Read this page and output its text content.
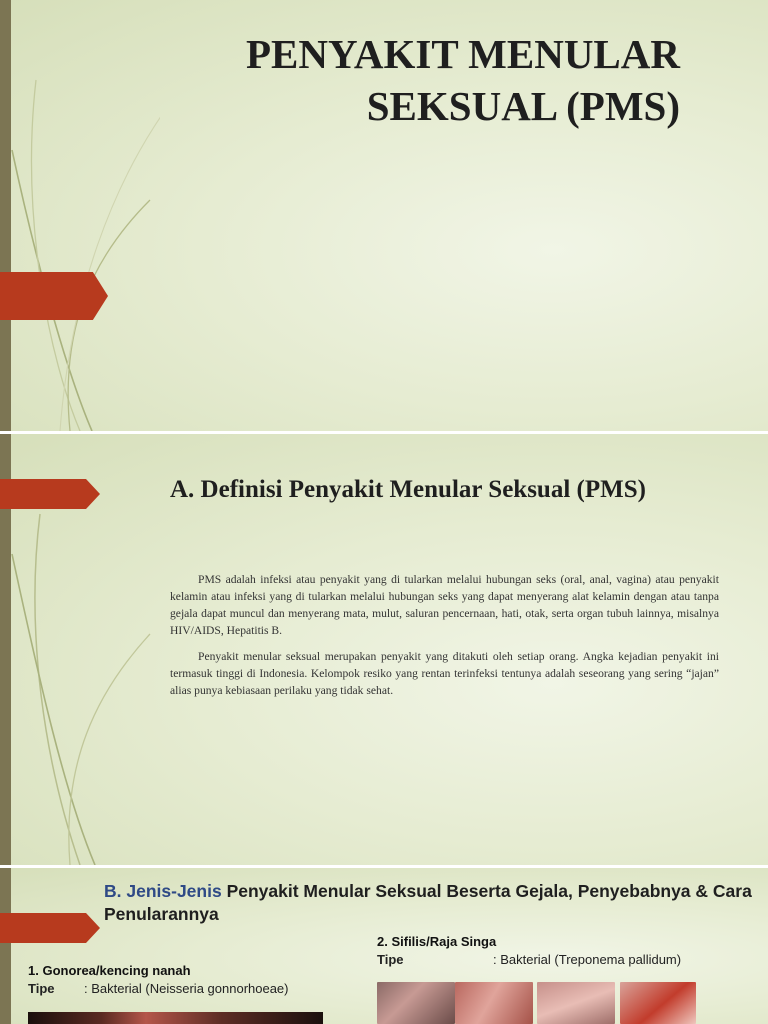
PENYAKIT MENULAR
SEKSUAL (PMS)
A. Definisi Penyakit Menular Seksual (PMS)

PMS adalah infeksi atau penyakit yang di tularkan melalui hubungan seks (oral, anal, vagina) atau penyakit kelamin atau infeksi yang di tularkan melalui hubungan seks yang dapat menyerang alat kelamin dengan atau tanpa gejala dapat muncul dan menyerang mata, mulut, saluran pencernaan, hati, otak, serta organ tubuh lainnya, misalnya HIV/AIDS, Hepatitis B.

Penyakit menular seksual merupakan penyakit yang ditakuti oleh setiap orang. Angka kejadian penyakit ini termasuk tinggi di Indonesia. Kelompok resiko yang rentan terinfeksi tentunya adalah seseorang yang sering “jajan” alias punya kebiasaan perilaku yang tidak sehat.

B. Jenis-Jenis Penyakit Menular Seksual Beserta Gejala, Penyebabnya & Cara Penularannya

2. Sifilis/Raja Singa

Tipe	: Bakterial (Treponema pallidum)

1. Gonorea/kencing nanah

Tipe : Bakterial (Neisseria gonnorhoeae)
